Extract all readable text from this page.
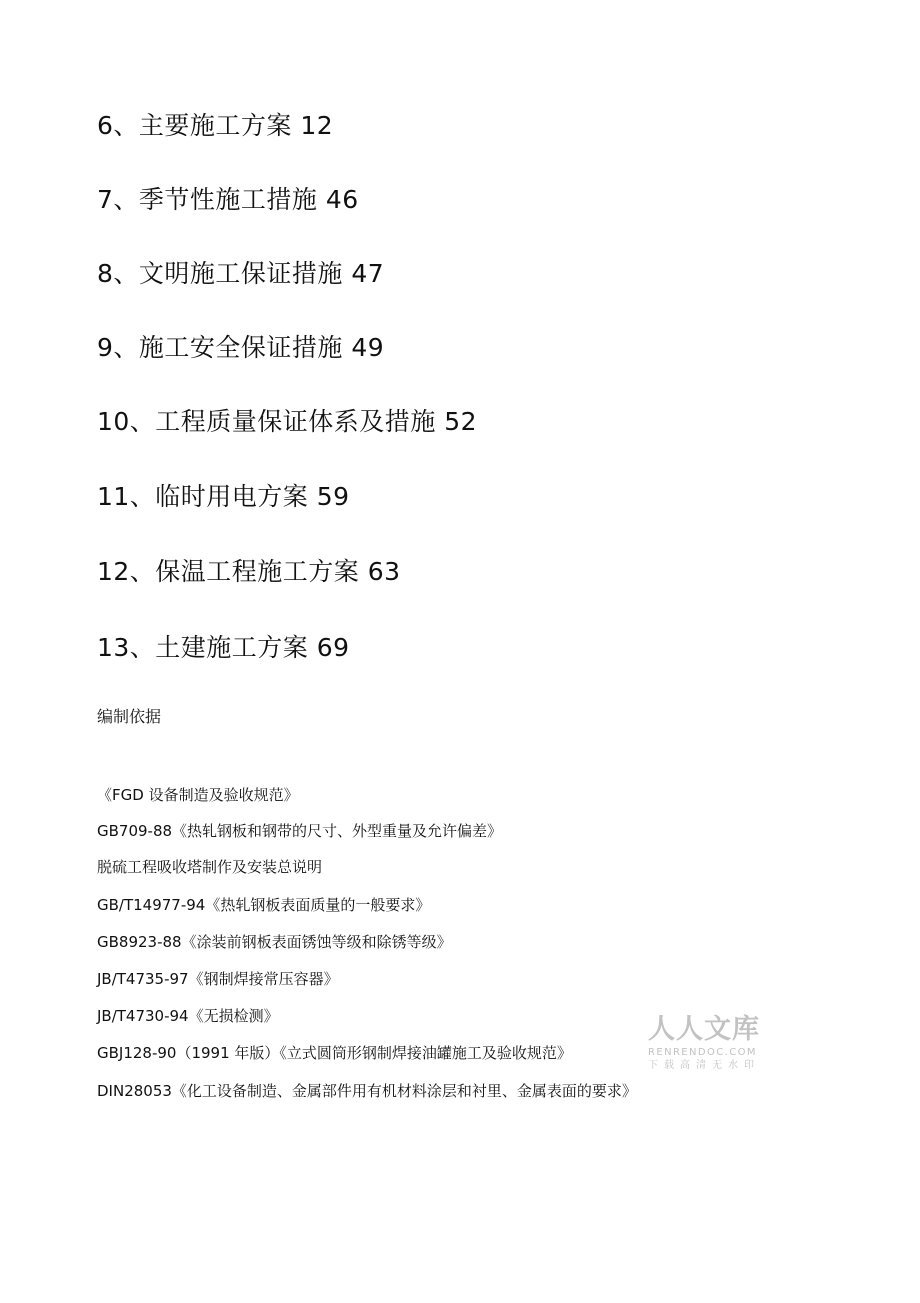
6、主要施工方案 12
7、季节性施工措施 46
8、文明施工保证措施 47
9、施工安全保证措施 49
10、工程质量保证体系及措施 52
11、临时用电方案 59
12、保温工程施工方案 63
13、土建施工方案 69
编制依据
《FGD 设备制造及验收规范》
GB709-88《热轧钢板和钢带的尺寸、外型重量及允许偏差》
脱硫工程吸收塔制作及安装总说明
GB/T14977-94《热轧钢板表面质量的一般要求》
GB8923-88《涂装前钢板表面锈蚀等级和除锈等级》
JB/T4735-97《钢制焊接常压容器》
JB/T4730-94《无损检测》
GBJ128-90（1991 年版）《立式圆筒形钢制焊接油罐施工及验收规范》
DIN28053《化工设备制造、金属部件用有机材料涂层和衬里、金属表面的要求》
人人文库
RENRENDOC.COM
下载高清无水印
